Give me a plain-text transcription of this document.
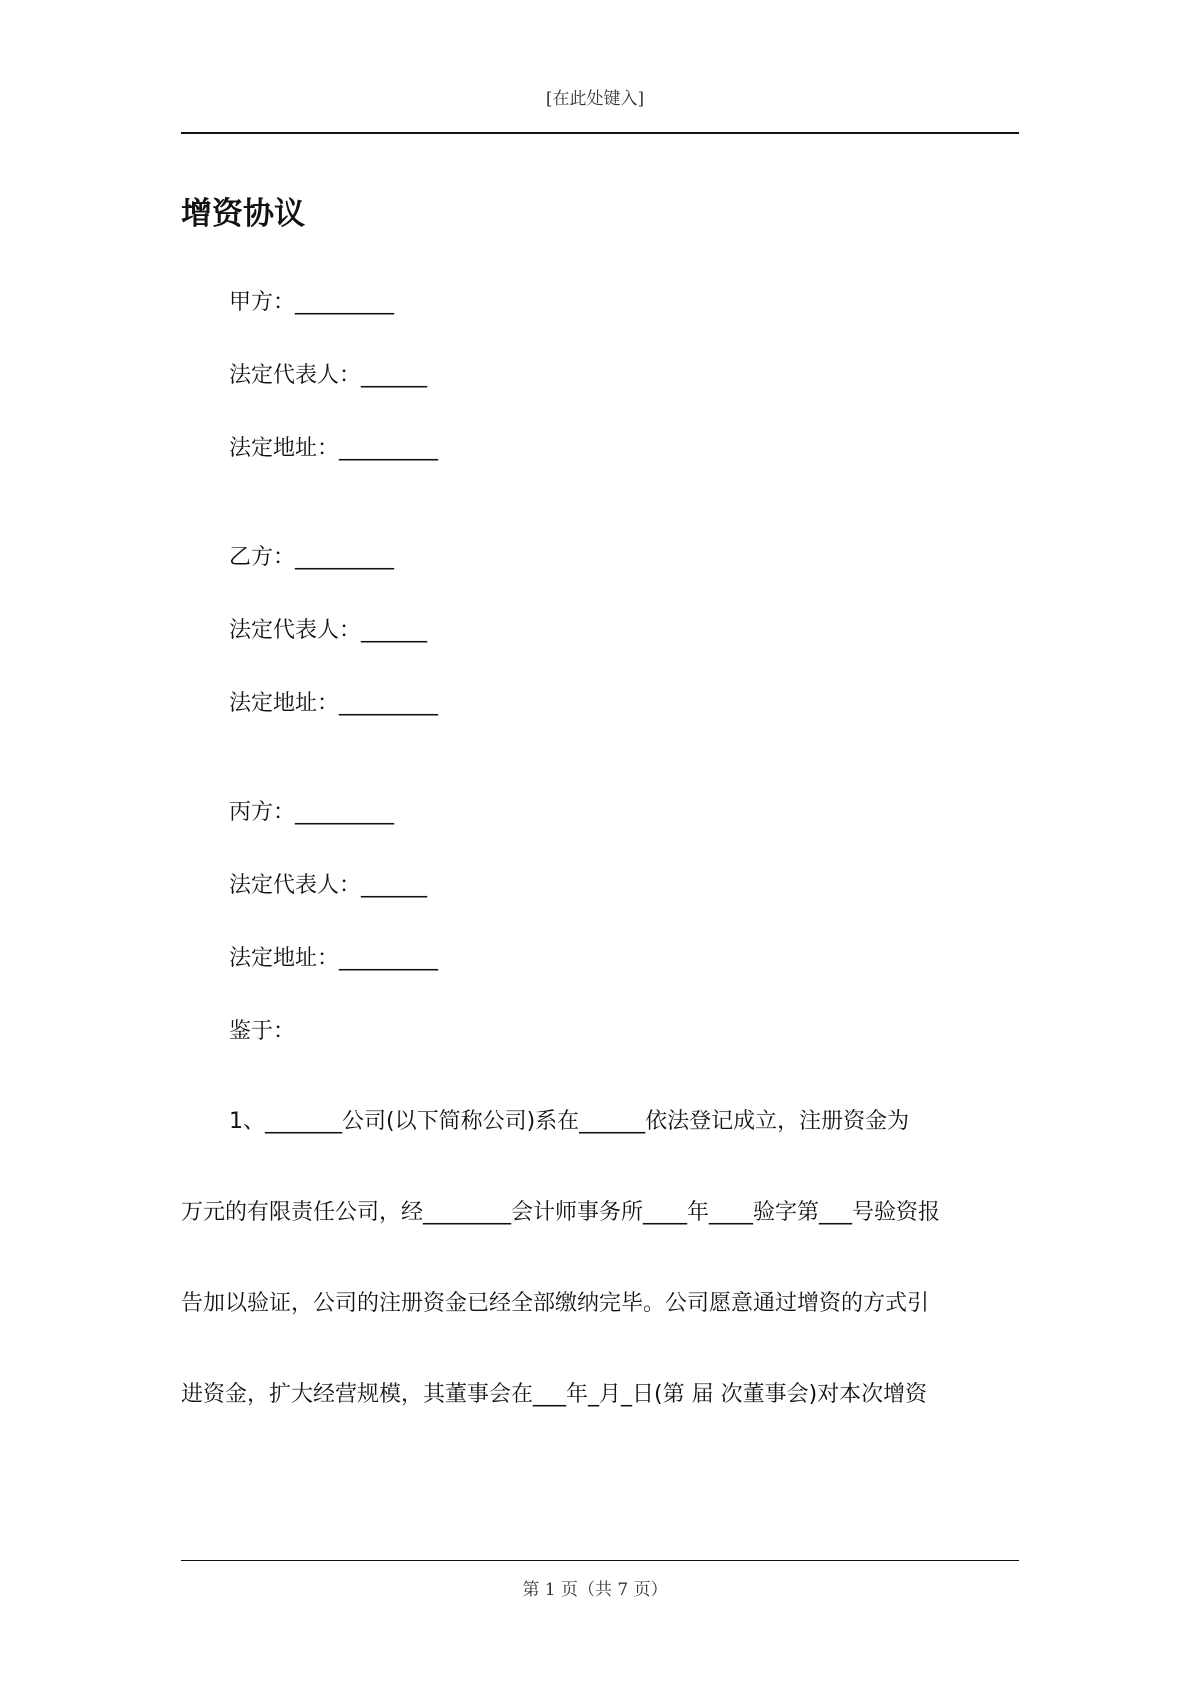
[在此处键入]
增资协议
甲方：_________
法定代表人：______
法定地址：_________
乙方：_________
法定代表人：______
法定地址：_________
丙方：_________
法定代表人：______
法定地址：_________
鉴于：
1、_______公司(以下简称公司)系在______依法登记成立，注册资金为
万元的有限责任公司，经________会计师事务所____年____验字第___号验资报
告加以验证，公司的注册资金已经全部缴纳完毕。公司愿意通过增资的方式引
进资金，扩大经营规模，其董事会在___年_月_日(第 届 次董事会)对本次增资
第 1 页（共 7 页）
